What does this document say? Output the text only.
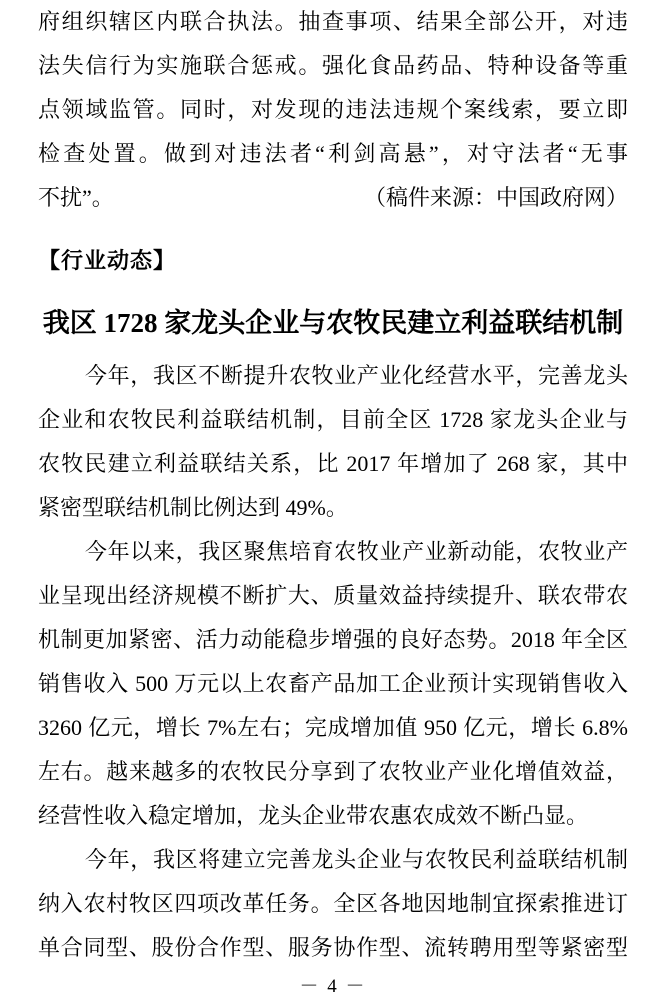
府组织辖区内联合执法。抽查事项、结果全部公开，对违
法失信行为实施联合惩戒。强化食品药品、特种设备等重
点领域监管。同时，对发现的违法违规个案线索，要立即
检查处置。做到对违法者“利剑高悬”，对守法者“无事
不扰”。	（稿件来源：中国政府网）
【行业动态】
我区 1728 家龙头企业与农牧民建立利益联结机制
今年，我区不断提升农牧业产业化经营水平，完善龙头
企业和农牧民利益联结机制，目前全区 1728 家龙头企业与
农牧民建立利益联结关系，比 2017 年增加了 268 家，其中
紧密型联结机制比例达到 49%。
今年以来，我区聚焦培育农牧业产业新动能，农牧业产
业呈现出经济规模不断扩大、质量效益持续提升、联农带农
机制更加紧密、活力动能稳步增强的良好态势。2018 年全区
销售收入 500 万元以上农畜产品加工企业预计实现销售收入
3260 亿元，增长 7%左右；完成增加值 950 亿元，增长 6.8%
左右。越来越多的农牧民分享到了农牧业产业化增值效益，
经营性收入稳定增加，龙头企业带农惠农成效不断凸显。
今年，我区将建立完善龙头企业与农牧民利益联结机制
纳入农村牧区四项改革任务。全区各地因地制宜探索推进订
单合同型、股份合作型、服务协作型、流转聘用型等紧密型
－ 4 －
